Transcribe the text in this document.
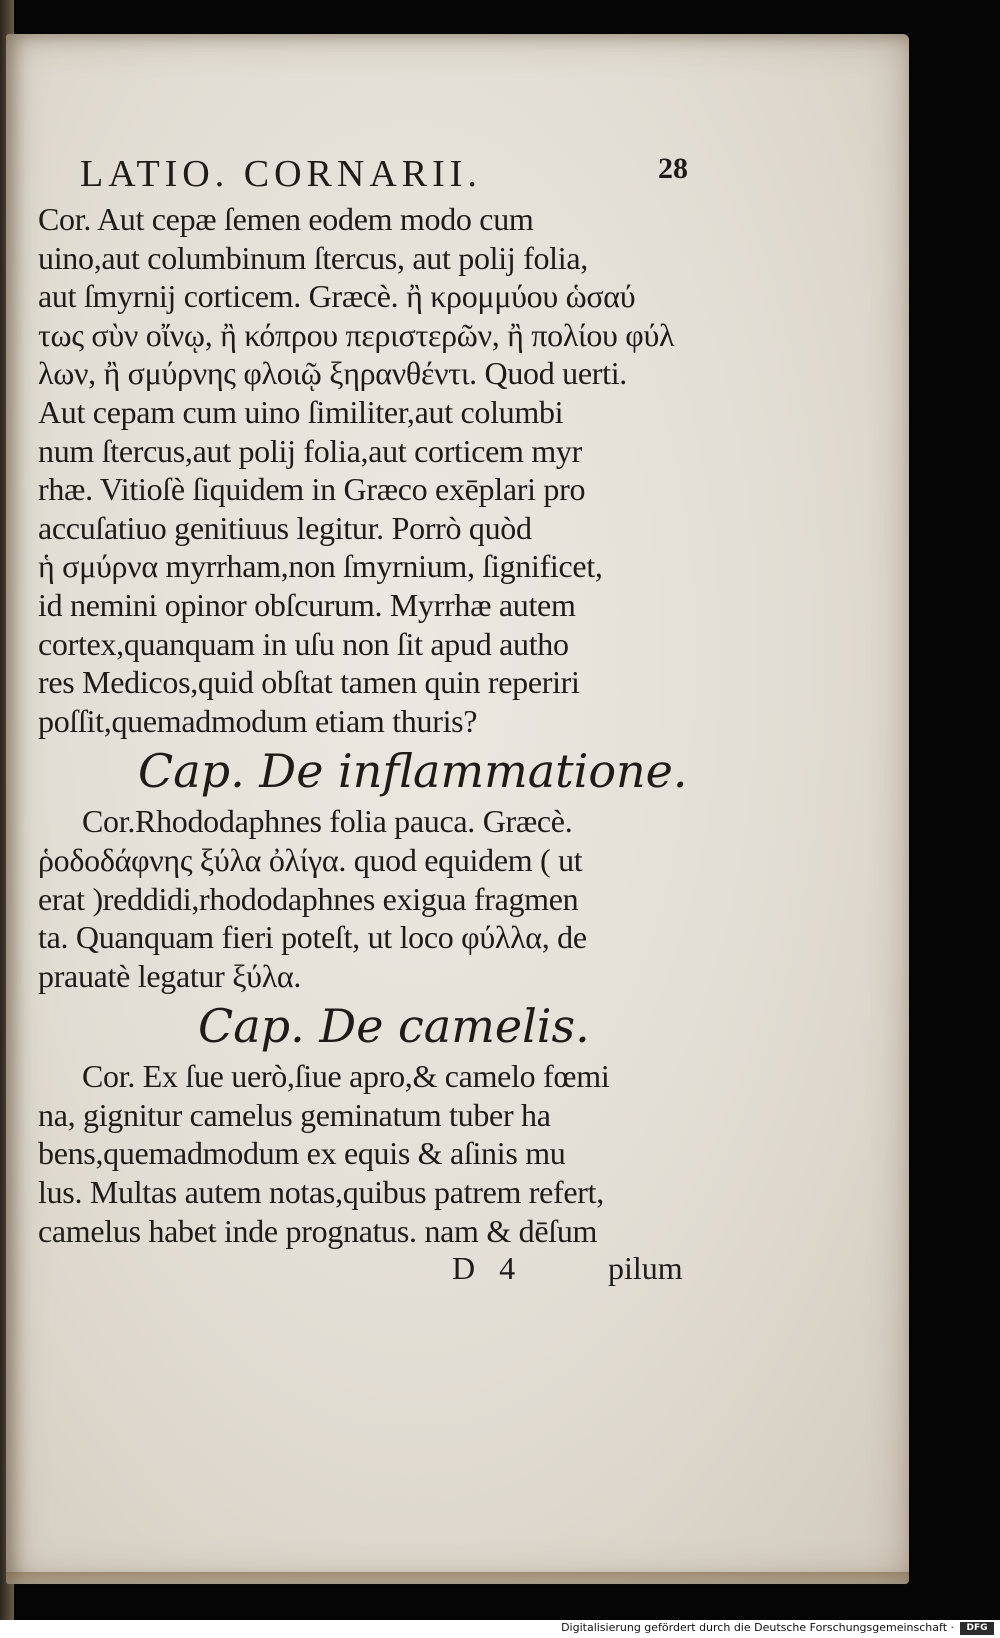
LATIO. CORNARII.	28
Cor. Aut cepæ ſemen eodem modo cum
uino,aut columbinum ſtercus, aut polij folia,
aut ſmyrnij corticem. Græcè. ἢ κρομμύου ὡσαύ
τως σὺν οἴνῳ, ἢ κόπρου περιστερῶν, ἢ πολίου φύλ
λων, ἢ σμύρνης φλοιῷ ξηρανθέντι. Quod uerti.
Aut cepam cum uino ſimiliter,aut columbi
num ſtercus,aut polij folia,aut corticem myr
rhæ. Vitioſè ſiquidem in Græco exēplari pro
accuſatiuo genitiuus legitur. Porrò quòd
ἡ σμύρνα myrrham,non ſmyrnium, ſignificet,
id nemini opinor obſcurum. Myrrhæ autem
cortex,quanquam in uſu non ſit apud autho
res Medicos,quid obſtat tamen quin reperiri
poſſit,quemadmodum etiam thuris?
Cap. De inflammatione.
Cor.Rhododaphnes folia pauca. Græcè.
ῥοδοδάφνης ξύλα ὀλίγα. quod equidem ( ut
erat )reddidi,rhododaphnes exigua fragmen
ta. Quanquam fieri poteſt, ut loco φύλλα, de
prauatè legatur ξύλα.
Cap. De camelis.
Cor. Ex ſue uerò,ſiue apro,& camelo fœmi
na, gignitur camelus geminatum tuber ha
bens,quemadmodum ex equis & aſinis mu
lus. Multas autem notas,quibus patrem refert,
camelus habet inde prognatus. nam & dēſum
D 4	pilum
Digitalisierung gefördert durch die Deutsche Forschungsgemeinschaft ·	DFG
